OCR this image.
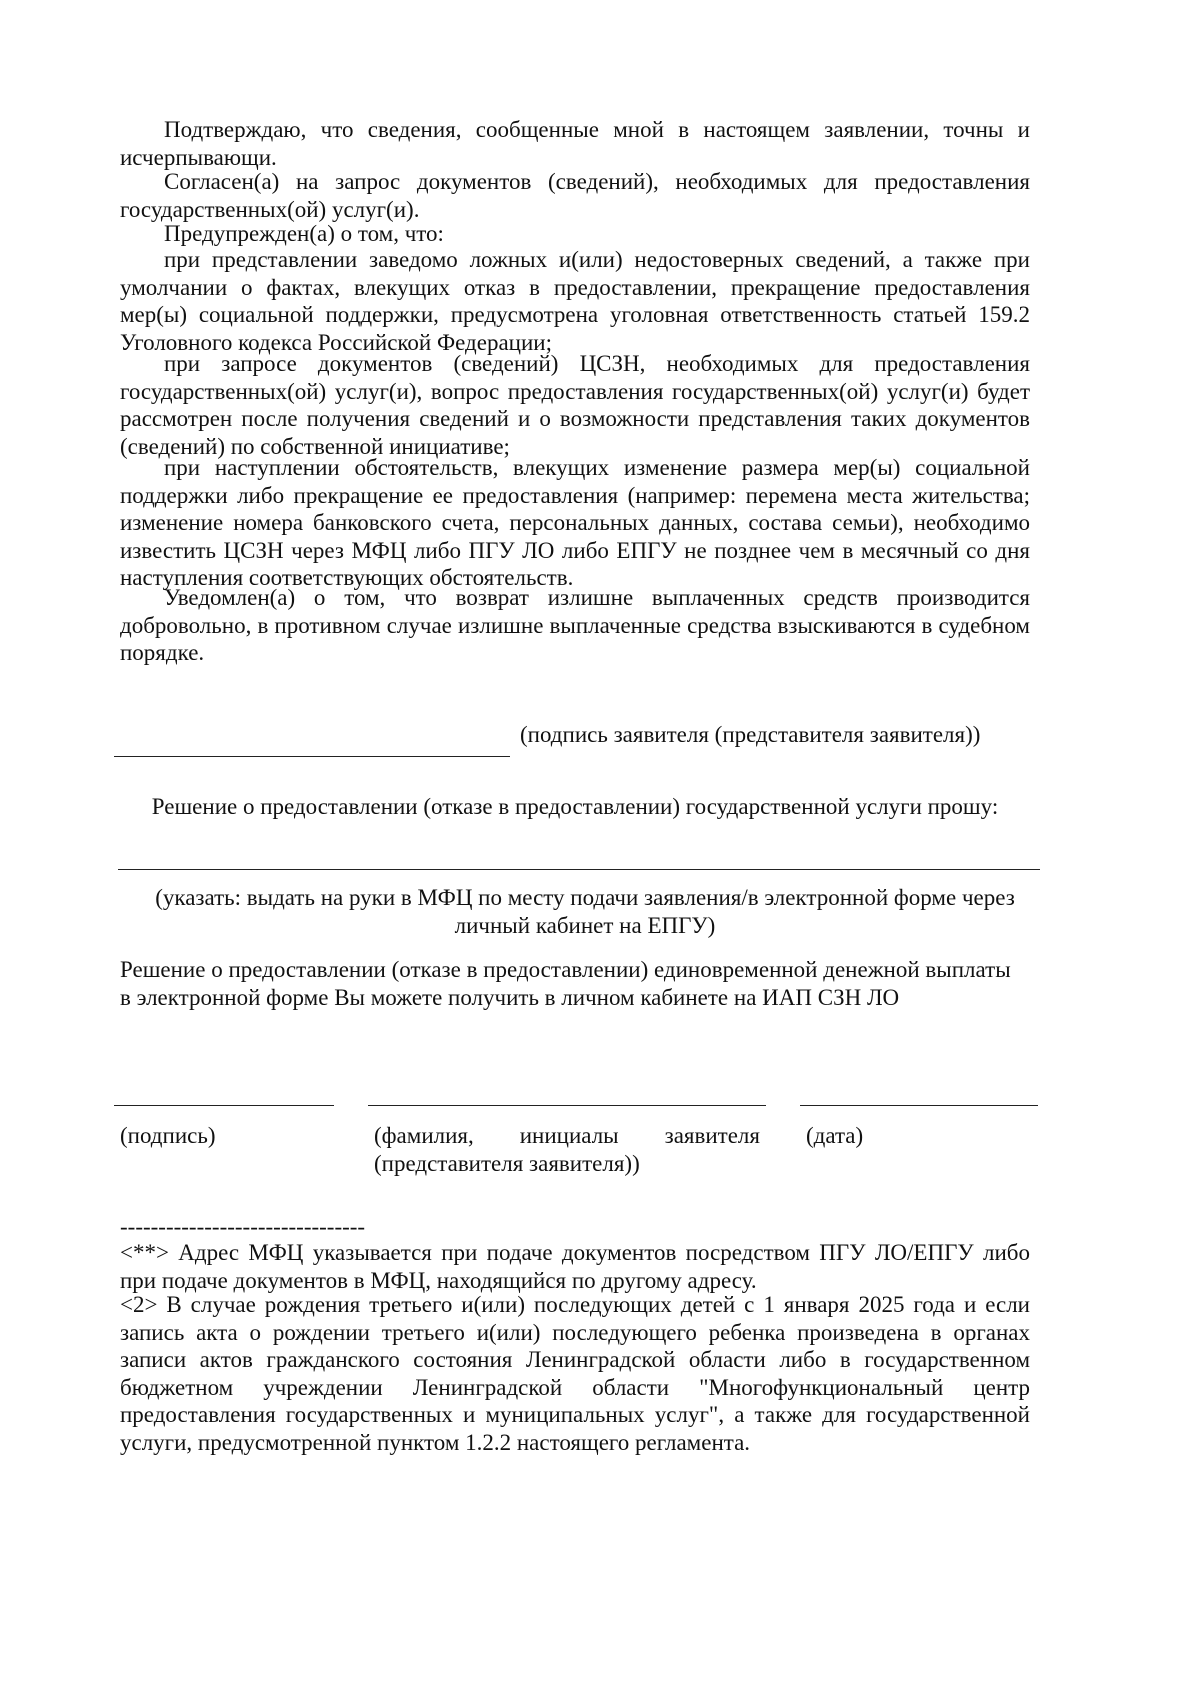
Подтверждаю, что сведения, сообщенные мной в настоящем заявлении, точны и исчерпывающи.

Согласен(а) на запрос документов (сведений), необходимых для предоставления государственных(ой) услуг(и).

Предупрежден(а) о том, что:

при представлении заведомо ложных и(или) недостоверных сведений, а также при умолчании о фактах, влекущих отказ в предоставлении, прекращение предоставления мер(ы) социальной поддержки, предусмотрена уголовная ответственность статьей 159.2 Уголовного кодекса Российской Федерации;

при запросе документов (сведений) ЦСЗН, необходимых для предоставления государственных(ой) услуг(и), вопрос предоставления государственных(ой) услуг(и) будет рассмотрен после получения сведений и о возможности представления таких документов (сведений) по собственной инициативе;

при наступлении обстоятельств, влекущих изменение размера мер(ы) социальной поддержки либо прекращение ее предоставления (например: перемена места жительства; изменение номера банковского счета, персональных данных, состава семьи), необходимо известить ЦСЗН через МФЦ либо ПГУ ЛО либо ЕПГУ не позднее чем в месячный со дня наступления соответствующих обстоятельств.

Уведомлен(а) о том, что возврат излишне выплаченных средств производится добровольно, в противном случае излишне выплаченные средства взыскиваются в судебном порядке.

(подпись заявителя (представителя заявителя))

Решение о предоставлении (отказе в предоставлении) государственной услуги прошу:

(указать: выдать на руки в МФЦ по месту подачи заявления/в электронной форме через личный кабинет на ЕПГУ)

Решение о предоставлении (отказе в предоставлении) единовременной денежной выплаты в электронной форме Вы можете получить в личном кабинете на ИАП СЗН ЛО

(подпись)	(фамилия, инициалы заявителя (представителя заявителя))

(дата)

--------------------------------

<**> Адрес МФЦ указывается при подаче документов посредством ПГУ ЛО/ЕПГУ либо при подаче документов в МФЦ, находящийся по другому адресу.

<2> В случае рождения третьего и(или) последующих детей с 1 января 2025 года и если запись акта о рождении третьего и(или) последующего ребенка произведена в органах записи актов гражданского состояния Ленинградской области либо в государственном бюджетном учреждении Ленинградской области "Многофункциональный центр предоставления государственных и муниципальных услуг", а также для государственной услуги, предусмотренной пунктом 1.2.2 настоящего регламента.
